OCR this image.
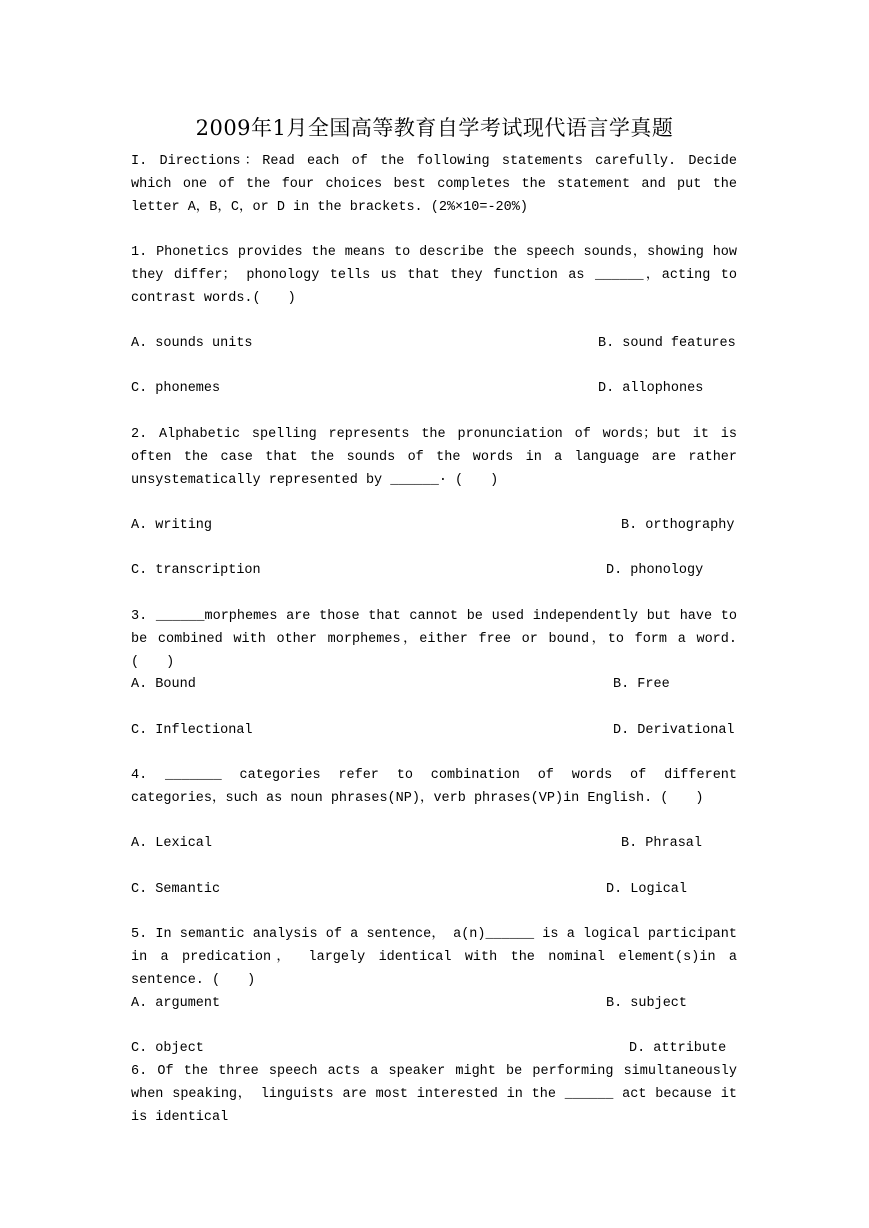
2009年1月全国高等教育自学考试现代语言学真题
I. Directions：Read each of the following statements carefully. Decide which one of the four choices best completes the statement and put the letter A，B，C，or D in the brackets. (2%×10=-20%)
1. Phonetics provides the means to describe the speech sounds，showing how they differ； phonology tells us that they function as ______，acting to contrast words.(　　)
A. sounds units	B. sound features
C. phonemes	D. allophones
2. Alphabetic spelling represents the pronunciation of words；but it is often the case that the sounds of the words in a language are rather unsystematically represented by ______· (　　)
A. writing	B. orthography
C. transcription	D. phonology
3. ______morphemes are those that cannot be used independently but have to be combined with other morphemes，either free or bound，to form a word. (　　)
A. Bound	B. Free
C. Inflectional	D. Derivational
4. _______ categories refer to combination of words of different categories，such as noun phrases(NP)，verb phrases(VP)in English. (　　)
A. Lexical	B. Phrasal
C. Semantic	D. Logical
5. In semantic analysis of a sentence， a(n)______ is a logical participant in a predication， largely identical with the nominal element(s)in a sentence. (　　)
A. argument	B. subject
C. object	D. attribute
6. Of the three speech acts a speaker might be performing simultaneously when speaking， linguists are most interested in the ______ act because it is identical
